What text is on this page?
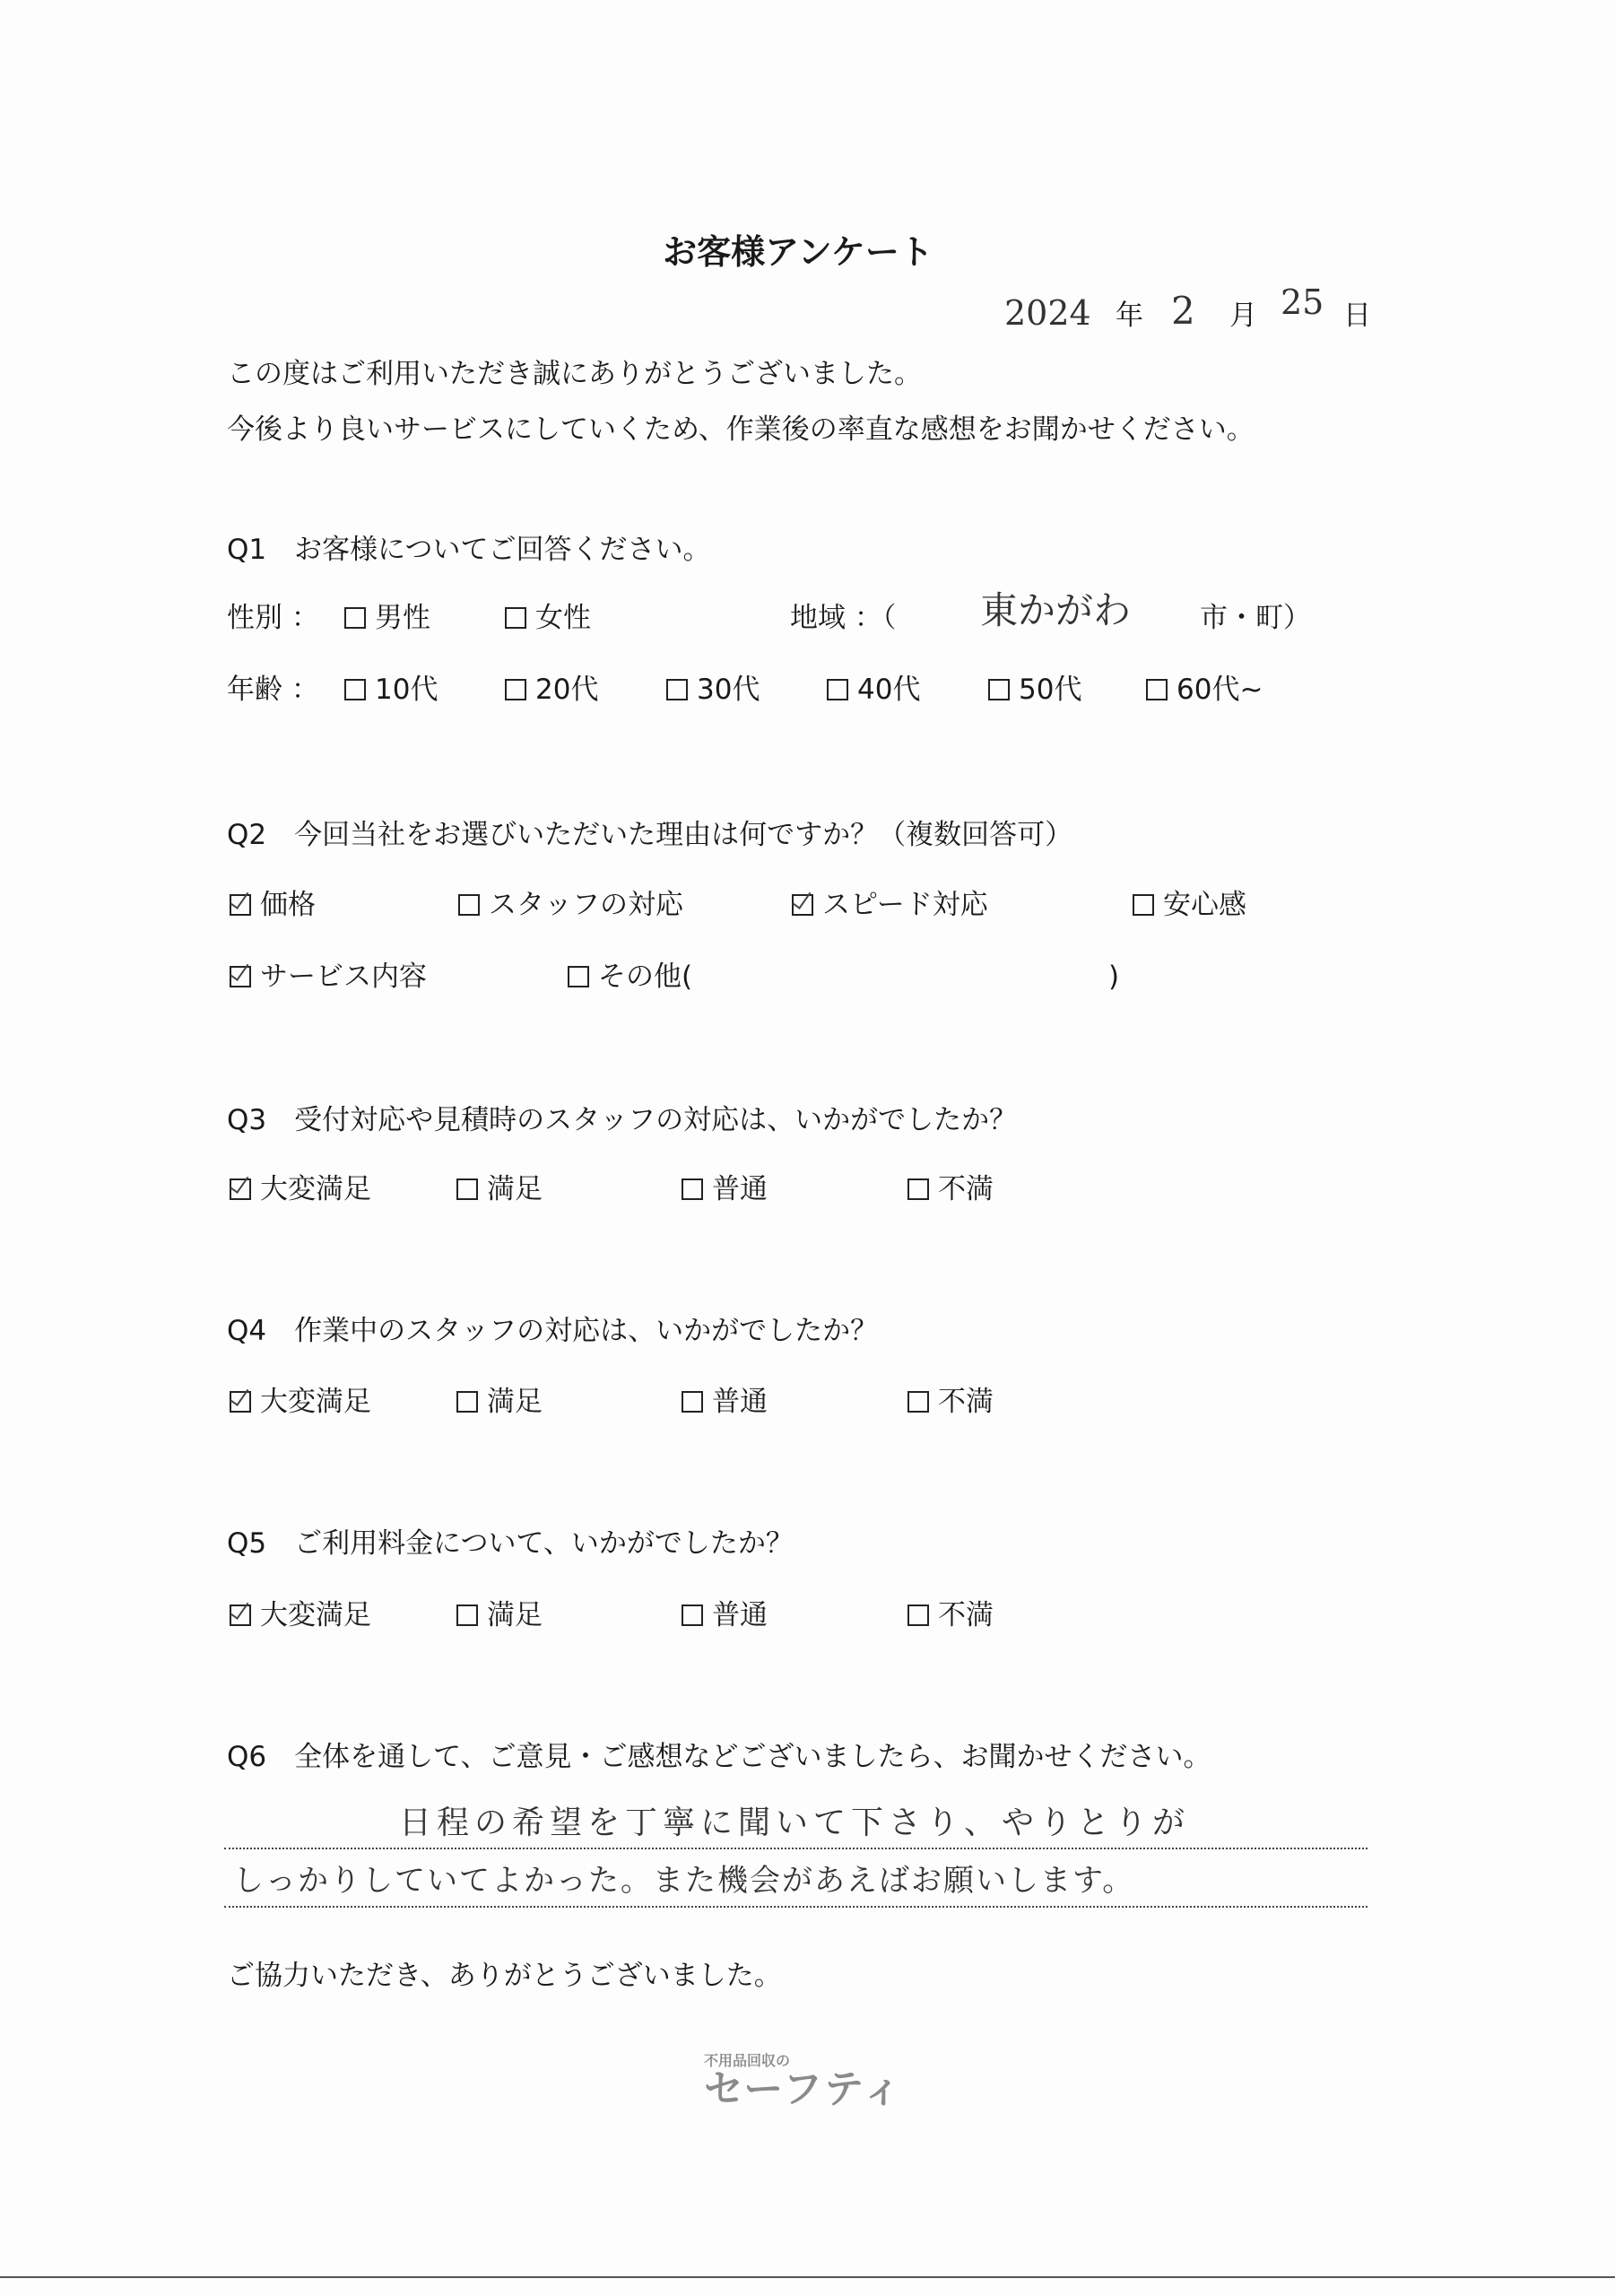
お客様アンケート
2024 年 2 月 25 日
この度はご利用いただき誠にありがとうございました。
今後より良いサービスにしていくため、作業後の率直な感想をお聞かせください。
Q1　お客様についてご回答ください。
性別 ：	男性	女性	地域 ：（ 東かがわ 市・町）
年齢 ：	10代	20代	30代	40代	50代	60代~
Q2　今回当社をお選びいただいた理由は何ですか？（複数回答可）
価格	スタッフの対応	スピード対応	安心感
サービス内容	その他(	)
Q3　受付対応や見積時のスタッフの対応は、いかがでしたか？
大変満足	満足	普通	不満
Q4　作業中のスタッフの対応は、いかがでしたか？
大変満足	満足	普通	不満
Q5　ご利用料金について、いかがでしたか？
大変満足	満足	普通	不満
Q6　全体を通して、ご意見・ご感想などございましたら、お聞かせください。
日程の希望を丁寧に聞いて下さり、やりとりが
しっかりしていてよかった。また機会があえばお願いします。
ご協力いただき、ありがとうございました。
不用品回収の
セーフティ
